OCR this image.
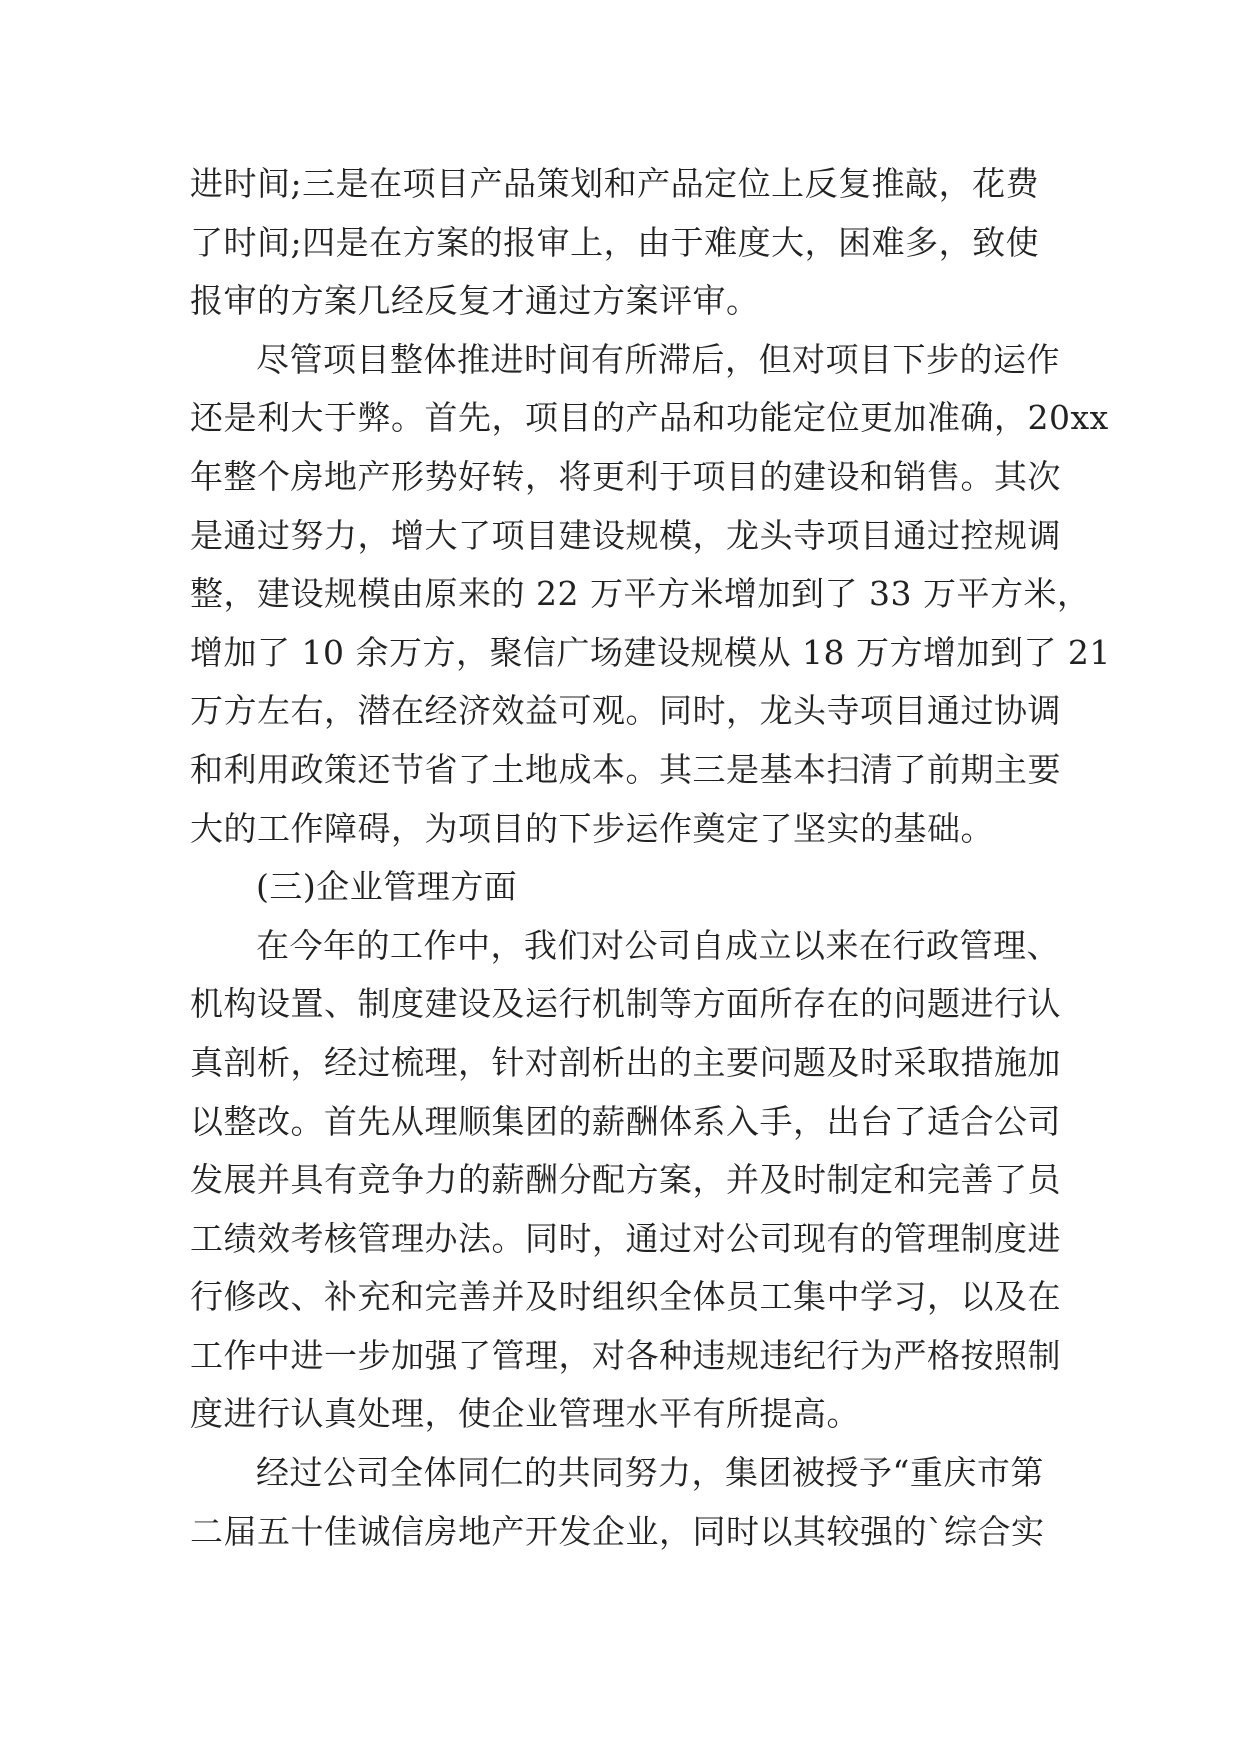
进时间;三是在项目产品策划和产品定位上反复推敲，花费
了时间;四是在方案的报审上，由于难度大，困难多，致使
报审的方案几经反复才通过方案评审。

尽管项目整体推进时间有所滞后，但对项目下步的运作
还是利大于弊。首先，项目的产品和功能定位更加准确，20xx
年整个房地产形势好转，将更利于项目的建设和销售。其次
是通过努力，增大了项目建设规模，龙头寺项目通过控规调
整，建设规模由原来的 22 万平方米增加到了 33 万平方米，
增加了 10 余万方，聚信广场建设规模从 18 万方增加到了 21
万方左右，潜在经济效益可观。同时，龙头寺项目通过协调
和利用政策还节省了土地成本。其三是基本扫清了前期主要
大的工作障碍，为项目的下步运作奠定了坚实的基础。

(三)企业管理方面

在今年的工作中，我们对公司自成立以来在行政管理、
机构设置、制度建设及运行机制等方面所存在的问题进行认
真剖析，经过梳理，针对剖析出的主要问题及时采取措施加
以整改。首先从理顺集团的薪酬体系入手，出台了适合公司
发展并具有竞争力的薪酬分配方案，并及时制定和完善了员
工绩效考核管理办法。同时，通过对公司现有的管理制度进
行修改、补充和完善并及时组织全体员工集中学习，以及在
工作中进一步加强了管理，对各种违规违纪行为严格按照制
度进行认真处理，使企业管理水平有所提高。

经过公司全体同仁的共同努力，集团被授予“重庆市第
二届五十佳诚信房地产开发企业，同时以其较强的`综合实
